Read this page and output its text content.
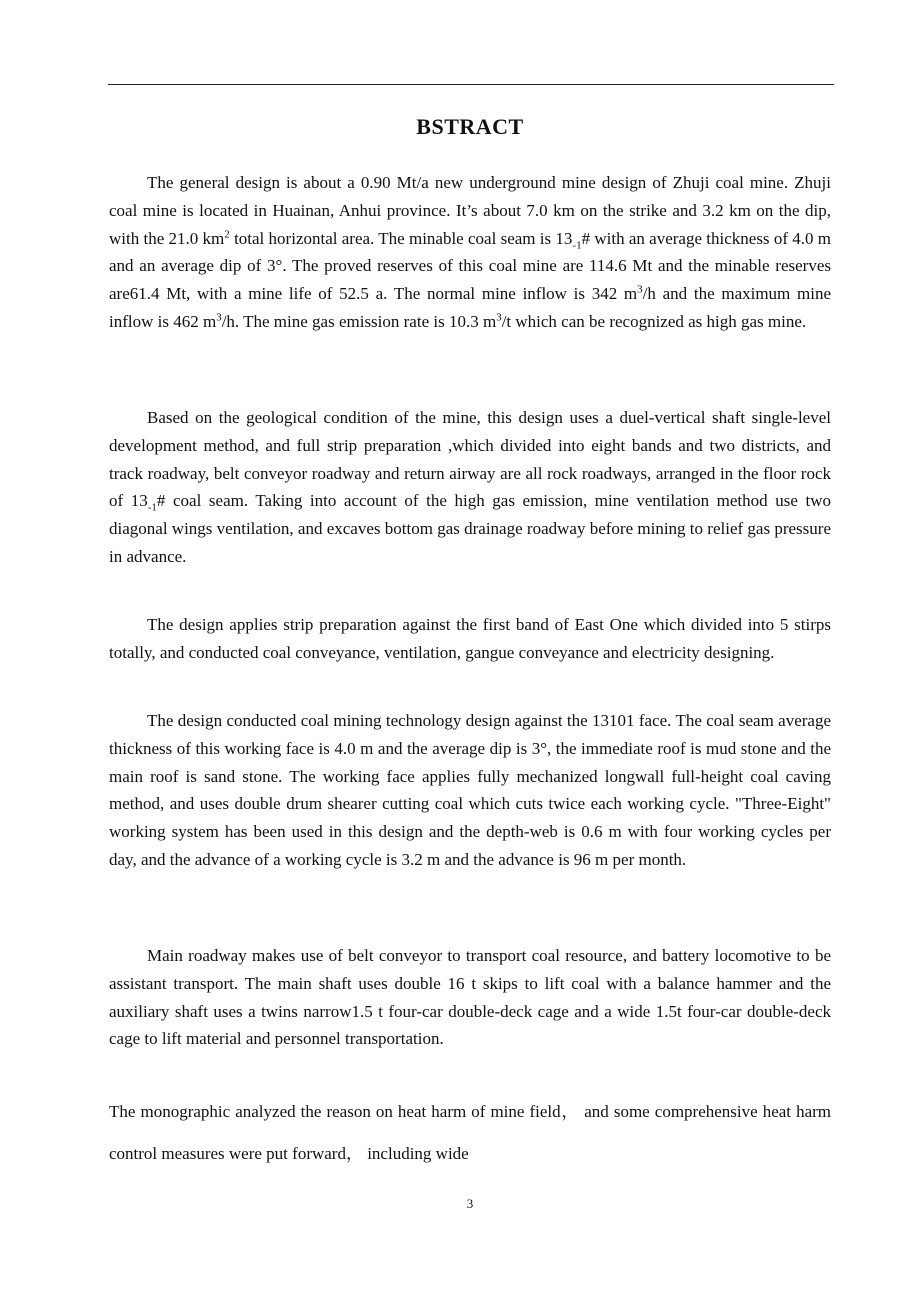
BSTRACT

The general design is about a 0.90 Mt/a new underground mine design of Zhuji coal mine. Zhuji coal mine is located in Huainan, Anhui province. It’s about 7.0 km on the strike and 3.2 km on the dip, with the 21.0 $km^2$ total horizontal area. The minable coal seam is $13_{-1}\#$ with an average thickness of 4.0 m and an average dip of 3°. The proved reserves of this coal mine are 114.6 Mt and the minable reserves are61.4 Mt, with a mine life of 52.5 a. The normal mine inflow is 342 $m^3/h$ and the maximum mine inflow is 462 $m^3/h$. The mine gas emission rate is 10.3 $m^3/t$ which can be recognized as high gas mine.

Based on the geological condition of the mine, this design uses a duel-vertical shaft single-level development method, and full strip preparation ,which divided into eight bands and two districts, and track roadway, belt conveyor roadway and return airway are all rock roadways, arranged in the floor rock of $13_{-1}\#$ coal seam. Taking into account of the high gas emission, mine ventilation method use two diagonal wings ventilation, and excaves bottom gas drainage roadway before mining to relief gas pressure in advance.

The design applies strip preparation against the first band of East One which divided into 5 stirps totally, and conducted coal conveyance, ventilation, gangue conveyance and electricity designing.

The design conducted coal mining technology design against the 13101 face. The coal seam average thickness of this working face is 4.0 m and the average dip is 3°, the immediate roof is mud stone and the main roof is sand stone. The working face applies fully mechanized longwall full-height coal caving method, and uses double drum shearer cutting coal which cuts twice each working cycle. "Three-Eight" working system has been used in this design and the depth-web is 0.6 m with four working cycles per day, and the advance of a working cycle is 3.2 m and the advance is 96 m per month.

Main roadway makes use of belt conveyor to transport coal resource, and battery locomotive to be assistant transport. The main shaft uses double 16 t skips to lift coal with a balance hammer and the auxiliary shaft uses a twins narrow1.5 t four-car double-deck cage and a wide 1.5t four-car double-deck cage to lift material and personnel transportation.

The monographic analyzed the reason on heat harm of mine field， and some comprehensive heat harm control measures were put forward， including wide

3
